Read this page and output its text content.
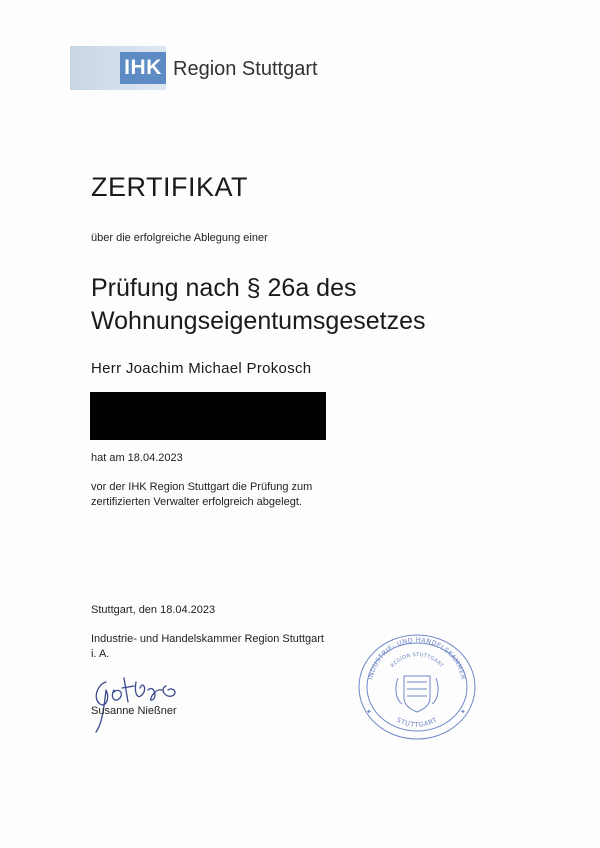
IHK Region Stuttgart
ZERTIFIKAT
über die erfolgreiche Ablegung einer
Prüfung nach § 26a des
Wohnungseigentumsgesetzes
Herr Joachim Michael Prokosch
hat am 18.04.2023
vor der IHK Region Stuttgart die Prüfung zum
zertifizierten Verwalter erfolgreich abgelegt.
Stuttgart, den 18.04.2023
Industrie- und Handelskammer Region Stuttgart
i. A.
Susanne Nießner
INDUSTRIE- UND HANDELSKAMMER
REGION STUTTGART
STUTTGART
✦	✦
